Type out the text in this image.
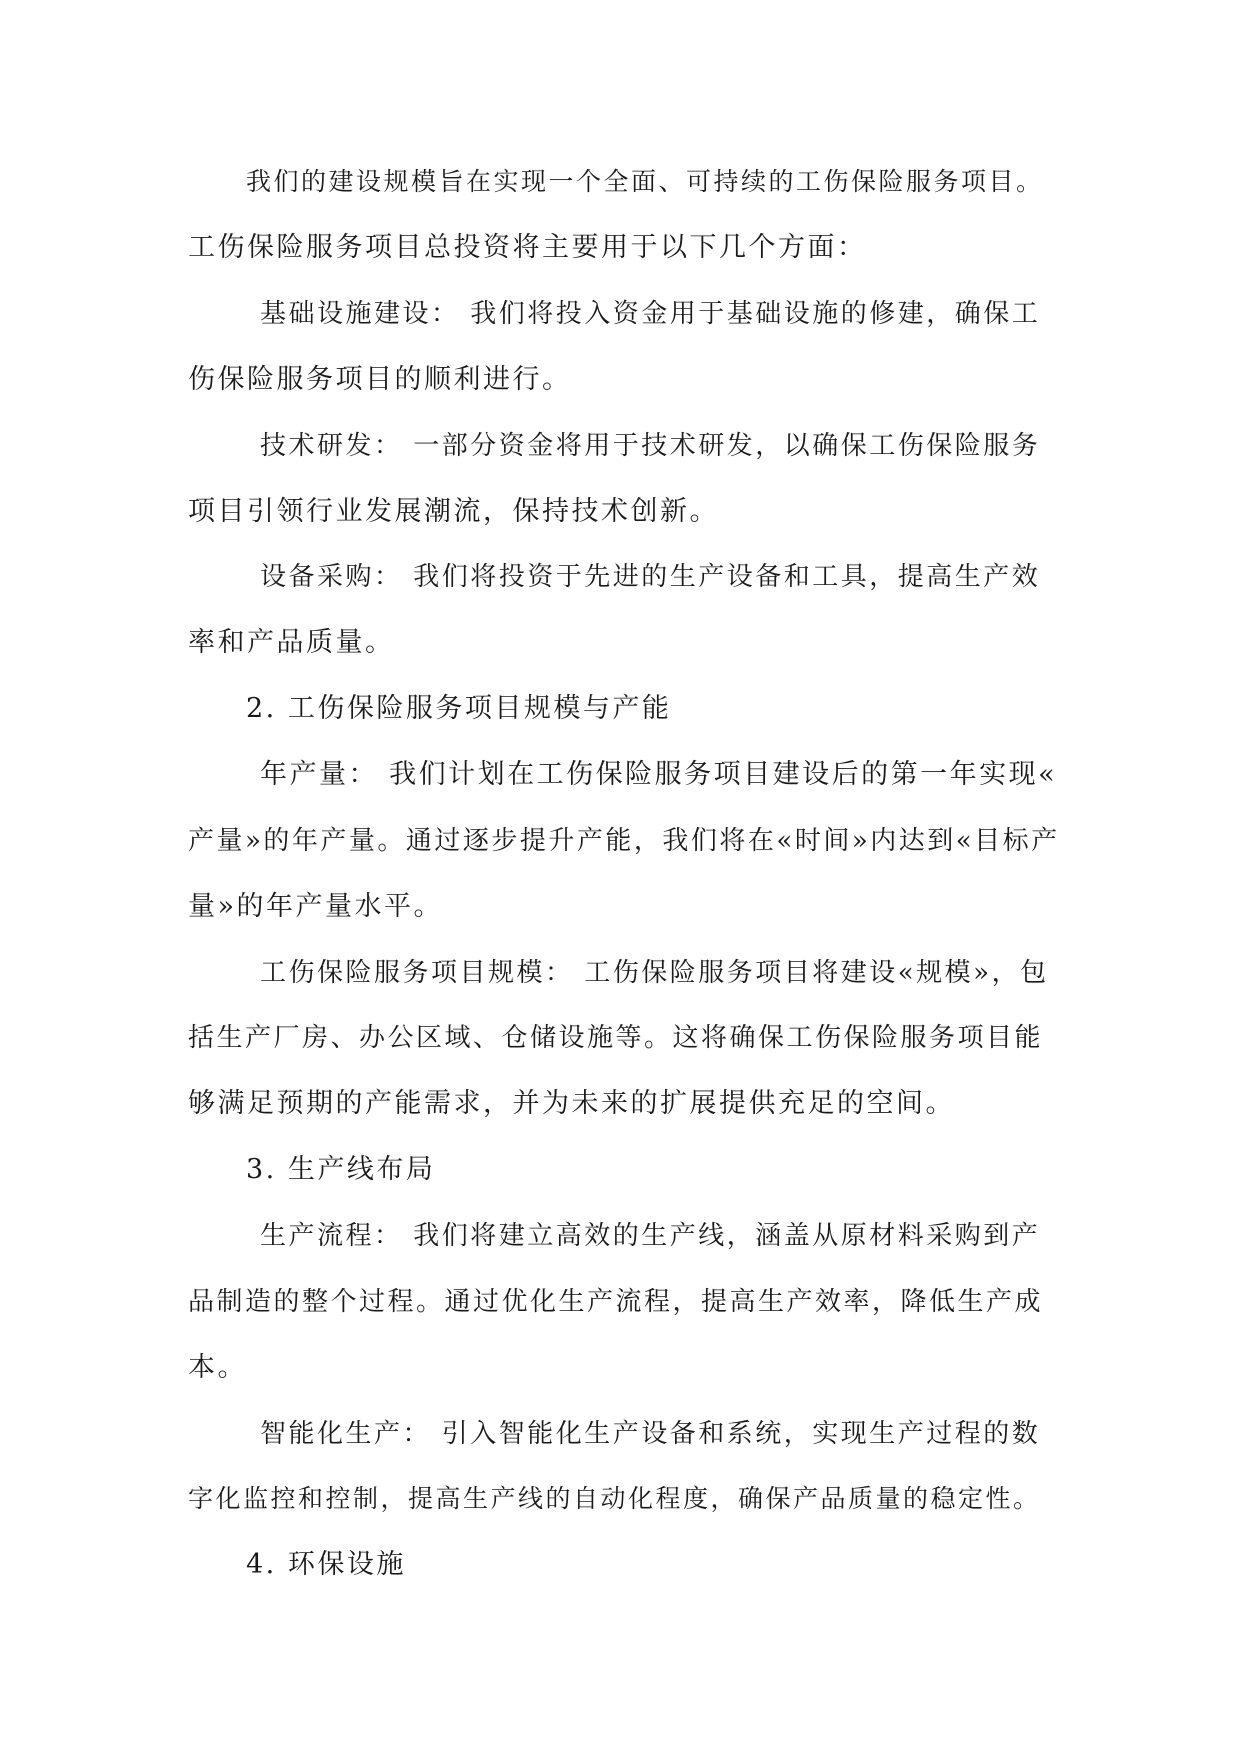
我们的建设规模旨在实现一个全面、可持续的工伤保险服务项目。
工伤保险服务项目总投资将主要用于以下几个方面：
基础设施建设： 我们将投入资金用于基础设施的修建，确保工
伤保险服务项目的顺利进行。
技术研发： 一部分资金将用于技术研发，以确保工伤保险服务
项目引领行业发展潮流，保持技术创新。
设备采购： 我们将投资于先进的生产设备和工具，提高生产效
率和产品质量。
2. 工伤保险服务项目规模与产能
年产量： 我们计划在工伤保险服务项目建设后的第一年实现«
产量»的年产量。通过逐步提升产能，我们将在«时间»内达到«目标产
量»的年产量水平。
工伤保险服务项目规模： 工伤保险服务项目将建设«规模»，包
括生产厂房、办公区域、仓储设施等。这将确保工伤保险服务项目能
够满足预期的产能需求，并为未来的扩展提供充足的空间。
3. 生产线布局
生产流程： 我们将建立高效的生产线，涵盖从原材料采购到产
品制造的整个过程。通过优化生产流程，提高生产效率，降低生产成
本。
智能化生产： 引入智能化生产设备和系统，实现生产过程的数
字化监控和控制，提高生产线的自动化程度，确保产品质量的稳定性。
4. 环保设施
